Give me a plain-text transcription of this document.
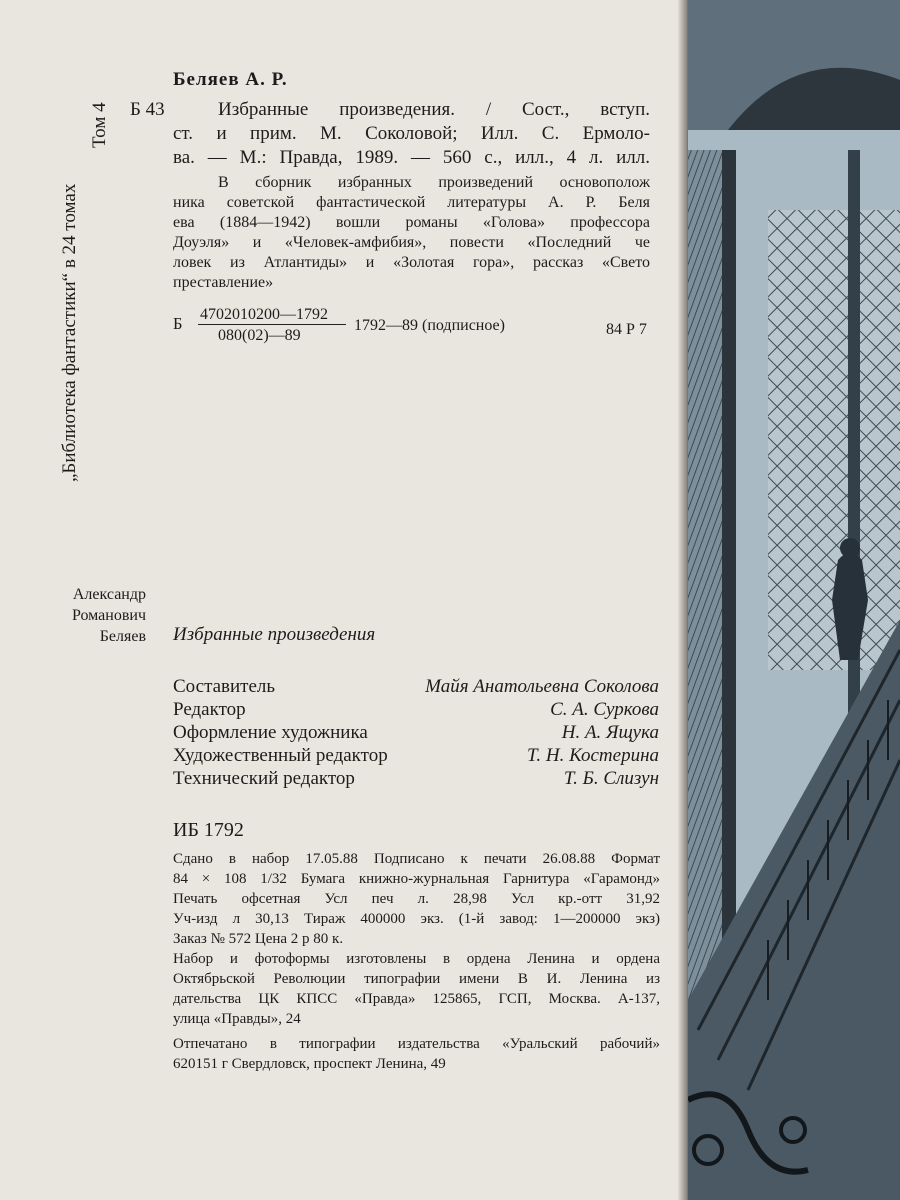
„Библиотека фантастики“ в 24 томах
Том 4 Б 43
Беляев А. Р.
Избранные произведения. / Сост., вступ.
ст. и прим. М. Соколовой; Илл. С. Ермоло-
ва. — М.: Правда, 1989. — 560 с., илл., 4 л. илл.
В сборник избранных произведений основополож
ника советской фантастической литературы А. Р. Беля
ева (1884—1942) вошли романы «Голова» профессора
Доуэля» и «Человек-амфибия», повести «Последний че
ловек из Атлантиды» и «Золотая гора», рассказ «Свето
преставление»
Б 4702010200—1792
080(02)—89
1792—89 (подписное)	84 Р 7
Александр
Романович
Беляев Избранные произведения
Составитель	Майя Анатольевна Соколова
Редактор	С. А. Суркова
Оформление художника	Н. А. Ящука
Художественный редактор	Т. Н. Костерина
Технический редактор	Т. Б. Слизун
ИБ 1792
Сдано в набор 17.05.88 Подписано к печати 26.08.88 Формат
84 × 108 1/32 Бумага книжно-журнальная Гарнитура «Гарамонд»
Печать офсетная Усл печ л. 28,98 Усл кр.-отт 31,92
Уч-изд л 30,13 Тираж 400000 экз. (1-й завод: 1—200000 экз)
Заказ № 572 Цена 2 р 80 к.
Набор и фотоформы изготовлены в ордена Ленина и ордена
Октябрьской Революции типографии имени В И. Ленина из
дательства ЦК КПСС «Правда» 125865, ГСП, Москва. А-137,
улица «Правды», 24
Отпечатано в типографии издательства «Уральский рабочий»
620151 г Свердловск, проспект Ленина, 49
